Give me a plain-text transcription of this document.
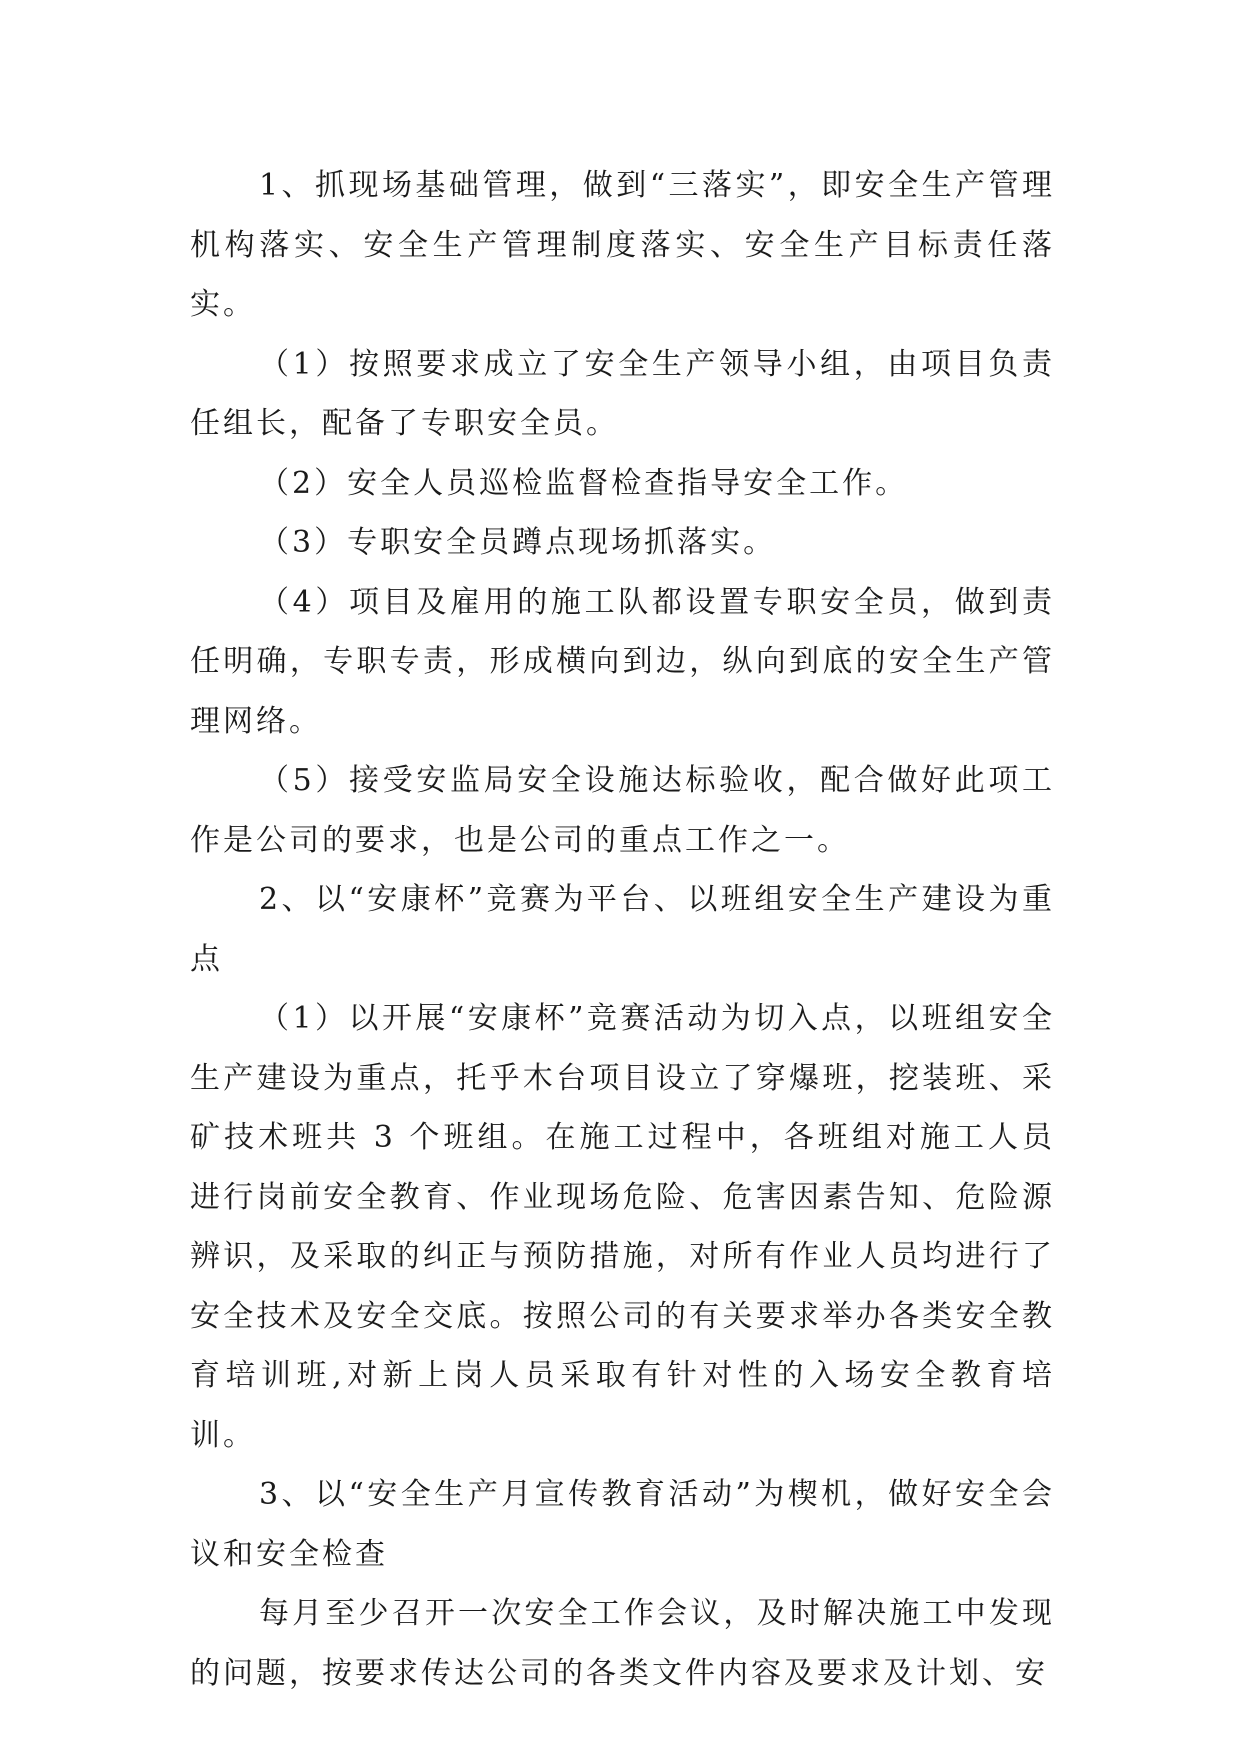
1、抓现场基础管理，做到“三落实”，即安全生产管理机构落实、安全生产管理制度落实、安全生产目标责任落实。

（1）按照要求成立了安全生产领导小组，由项目负责任组长，配备了专职安全员。

（2）安全人员巡检监督检查指导安全工作。

（3）专职安全员蹲点现场抓落实。

（4）项目及雇用的施工队都设置专职安全员，做到责任明确，专职专责，形成横向到边，纵向到底的安全生产管理网络。

（5）接受安监局安全设施达标验收，配合做好此项工作是公司的要求，也是公司的重点工作之一。

2、以“安康杯”竞赛为平台、以班组安全生产建设为重点

（1）以开展“安康杯”竞赛活动为切入点，以班组安全生产建设为重点，托乎木台项目设立了穿爆班，挖装班、采矿技术班共 3 个班组。在施工过程中，各班组对施工人员进行岗前安全教育、作业现场危险、危害因素告知、危险源辨识，及采取的纠正与预防措施，对所有作业人员均进行了安全技术及安全交底。按照公司的有关要求举办各类安全教育培训班,对新上岗人员采取有针对性的入场安全教育培训。

3、以“安全生产月宣传教育活动”为楔机，做好安全会议和安全检查

每月至少召开一次安全工作会议，及时解决施工中发现的问题，按要求传达公司的各类文件内容及要求及计划、安
